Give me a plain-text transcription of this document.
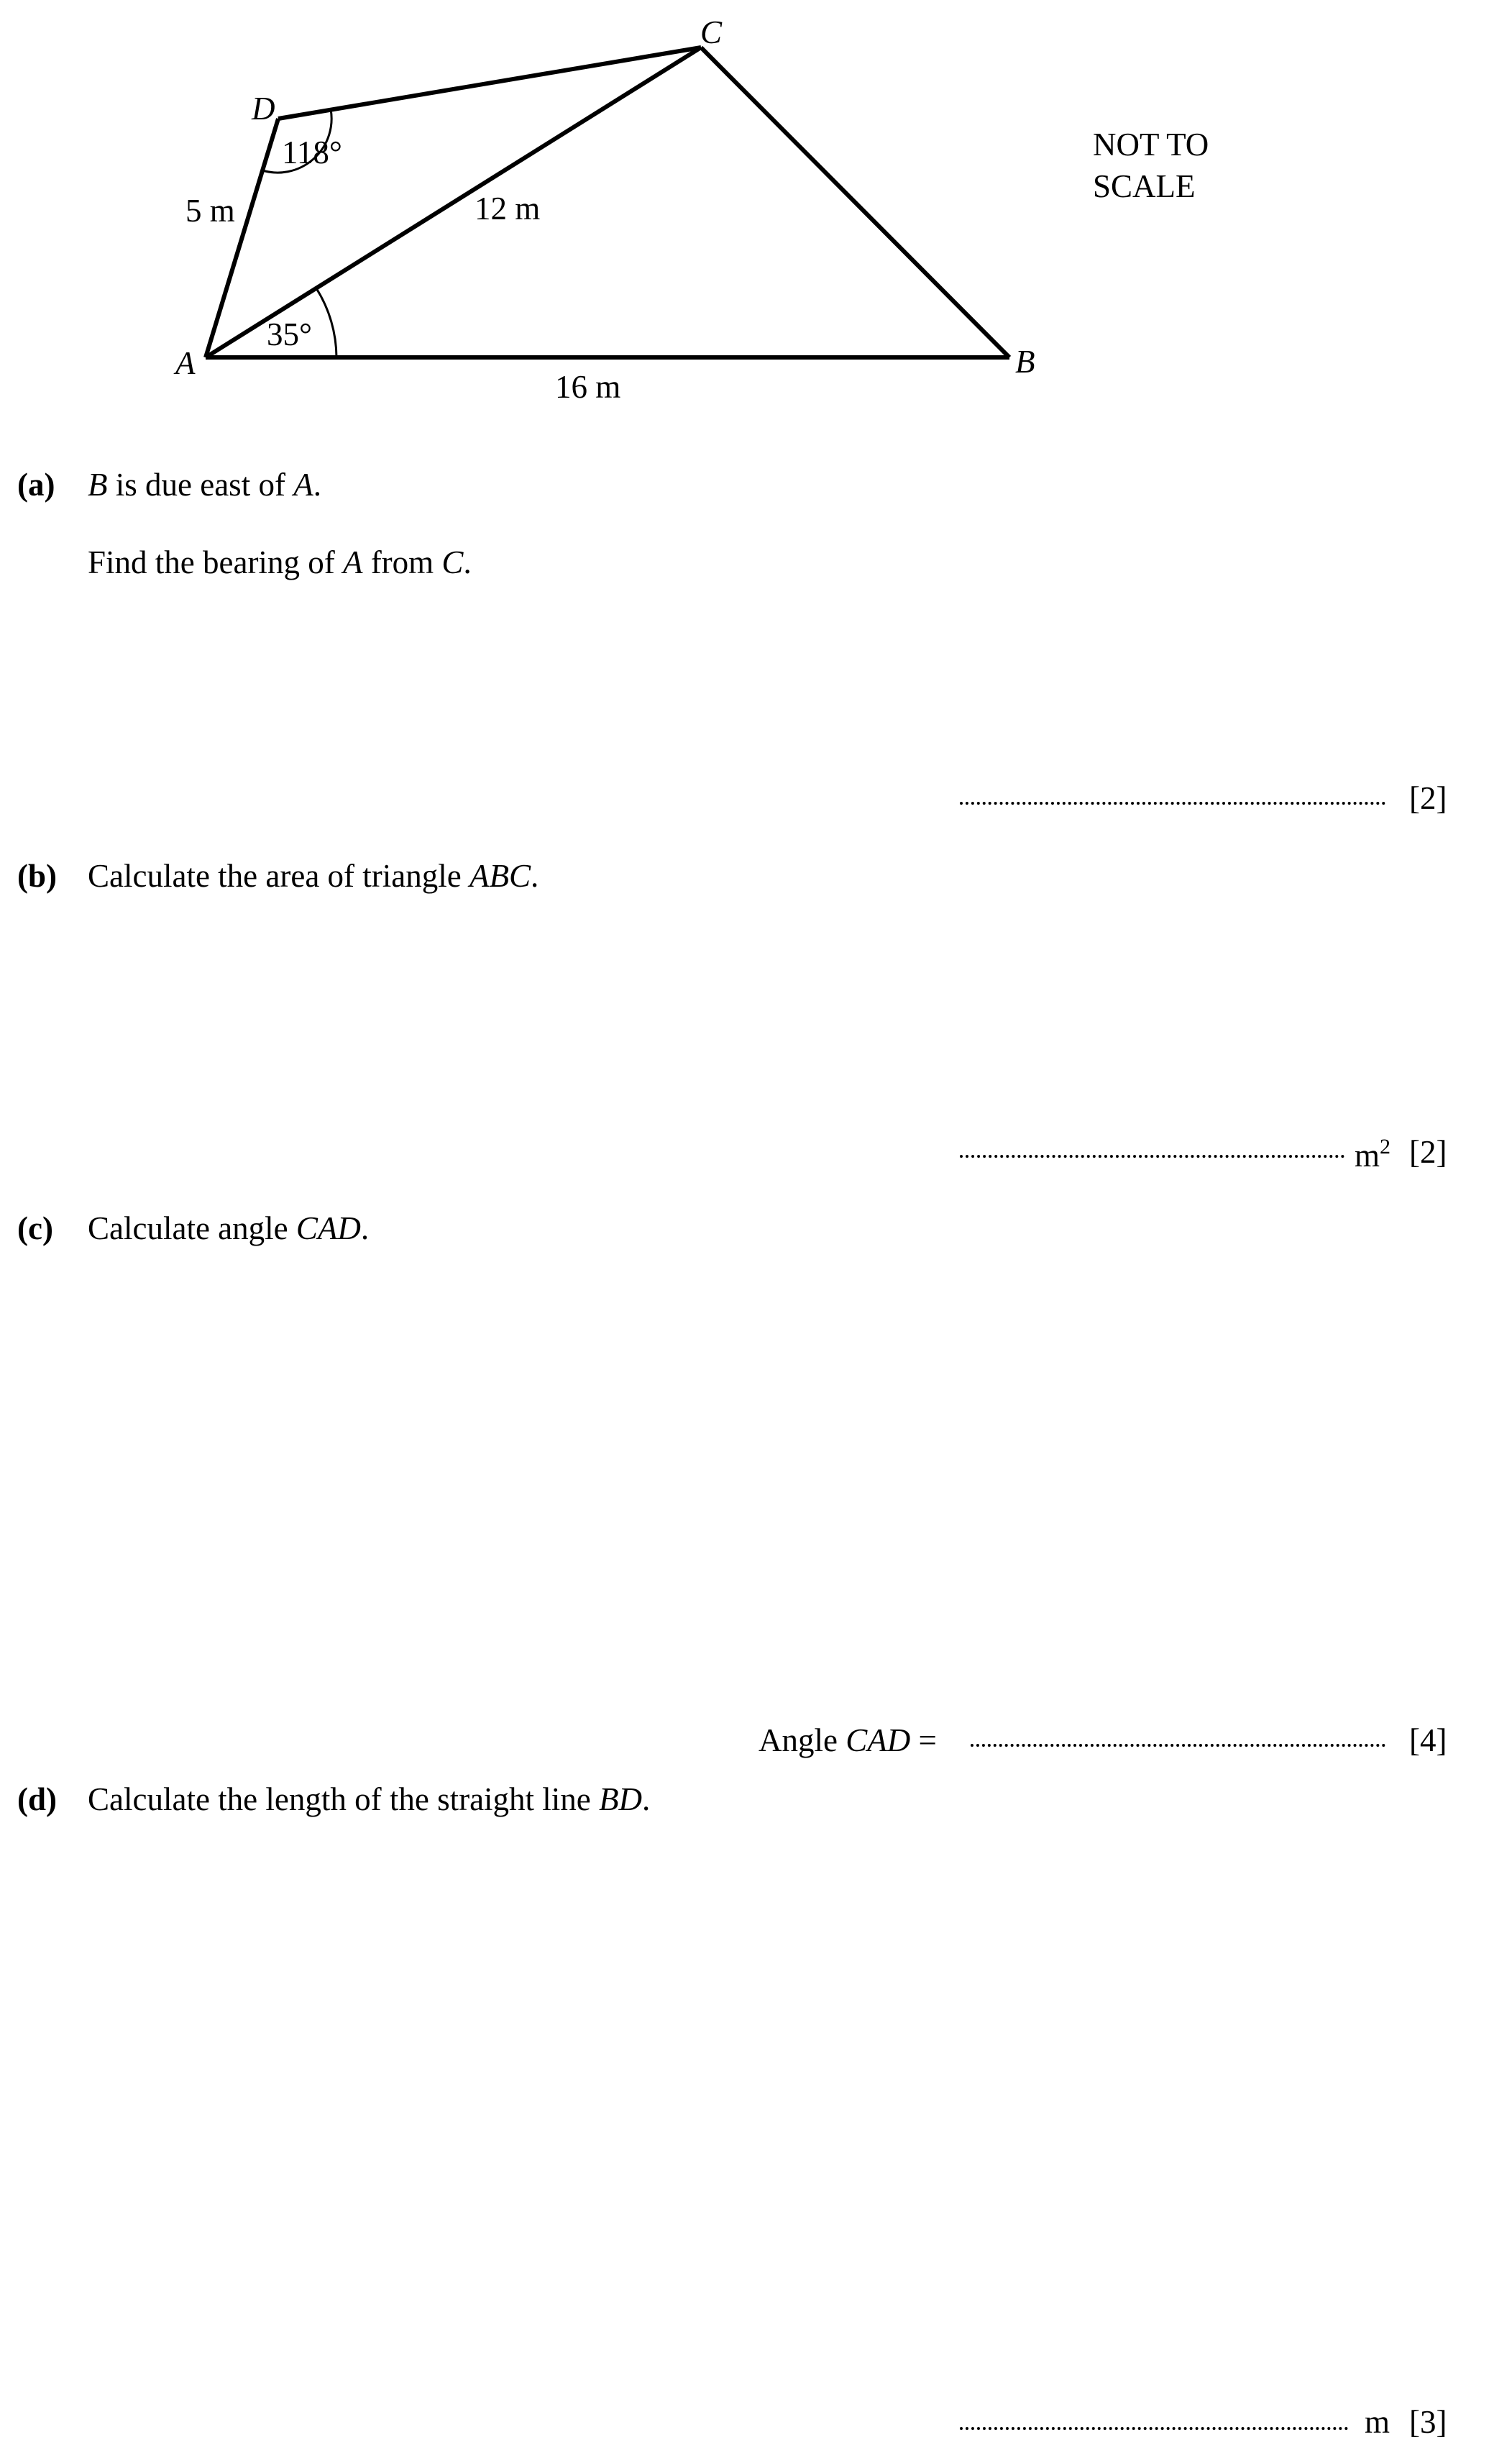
A	B
C
D
5 m	12 m
16 m
118°
35°
NOT TO
SCALE
(a) B is due east of A.
Find the bearing of A from C.
[2]
(b) Calculate the area of triangle ABC.
$m^2$ [2]
(c) Calculate angle CAD.
Angle CAD =	[4]
(d) Calculate the length of the straight line BD.
m [3]
